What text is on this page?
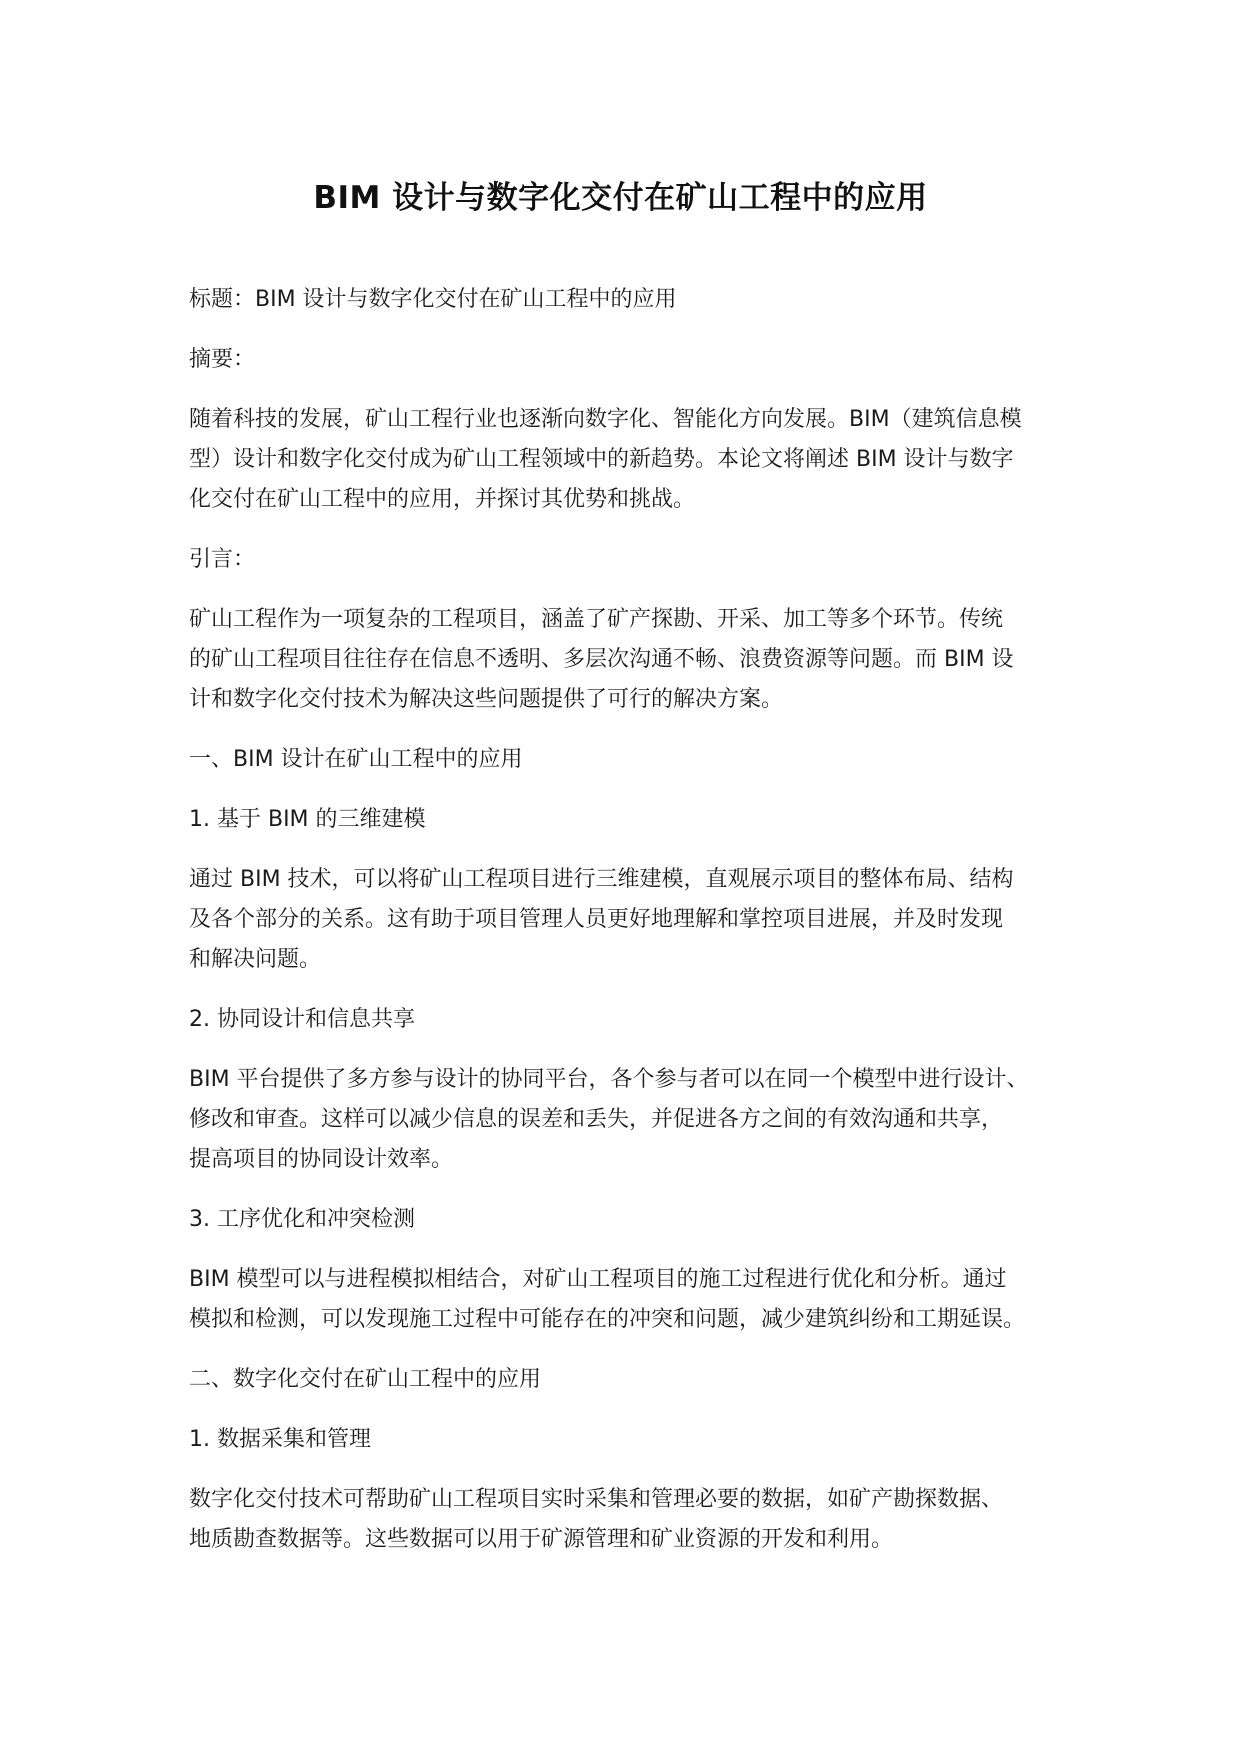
BIM 设计与数字化交付在矿山工程中的应用
标题：BIM 设计与数字化交付在矿山工程中的应用
摘要：
随着科技的发展，矿山工程行业也逐渐向数字化、智能化方向发展。BIM（建筑信息模
型）设计和数字化交付成为矿山工程领域中的新趋势。本论文将阐述 BIM 设计与数字
化交付在矿山工程中的应用，并探讨其优势和挑战。
引言：
矿山工程作为一项复杂的工程项目，涵盖了矿产探勘、开采、加工等多个环节。传统
的矿山工程项目往往存在信息不透明、多层次沟通不畅、浪费资源等问题。而 BIM 设
计和数字化交付技术为解决这些问题提供了可行的解决方案。
一、BIM 设计在矿山工程中的应用
1. 基于 BIM 的三维建模
通过 BIM 技术，可以将矿山工程项目进行三维建模，直观展示项目的整体布局、结构
及各个部分的关系。这有助于项目管理人员更好地理解和掌控项目进展，并及时发现
和解决问题。
2. 协同设计和信息共享
BIM 平台提供了多方参与设计的协同平台，各个参与者可以在同一个模型中进行设计、
修改和审查。这样可以减少信息的误差和丢失，并促进各方之间的有效沟通和共享，
提高项目的协同设计效率。
3. 工序优化和冲突检测
BIM 模型可以与进程模拟相结合，对矿山工程项目的施工过程进行优化和分析。通过
模拟和检测，可以发现施工过程中可能存在的冲突和问题，减少建筑纠纷和工期延误。
二、数字化交付在矿山工程中的应用
1. 数据采集和管理
数字化交付技术可帮助矿山工程项目实时采集和管理必要的数据，如矿产勘探数据、
地质勘查数据等。这些数据可以用于矿源管理和矿业资源的开发和利用。
